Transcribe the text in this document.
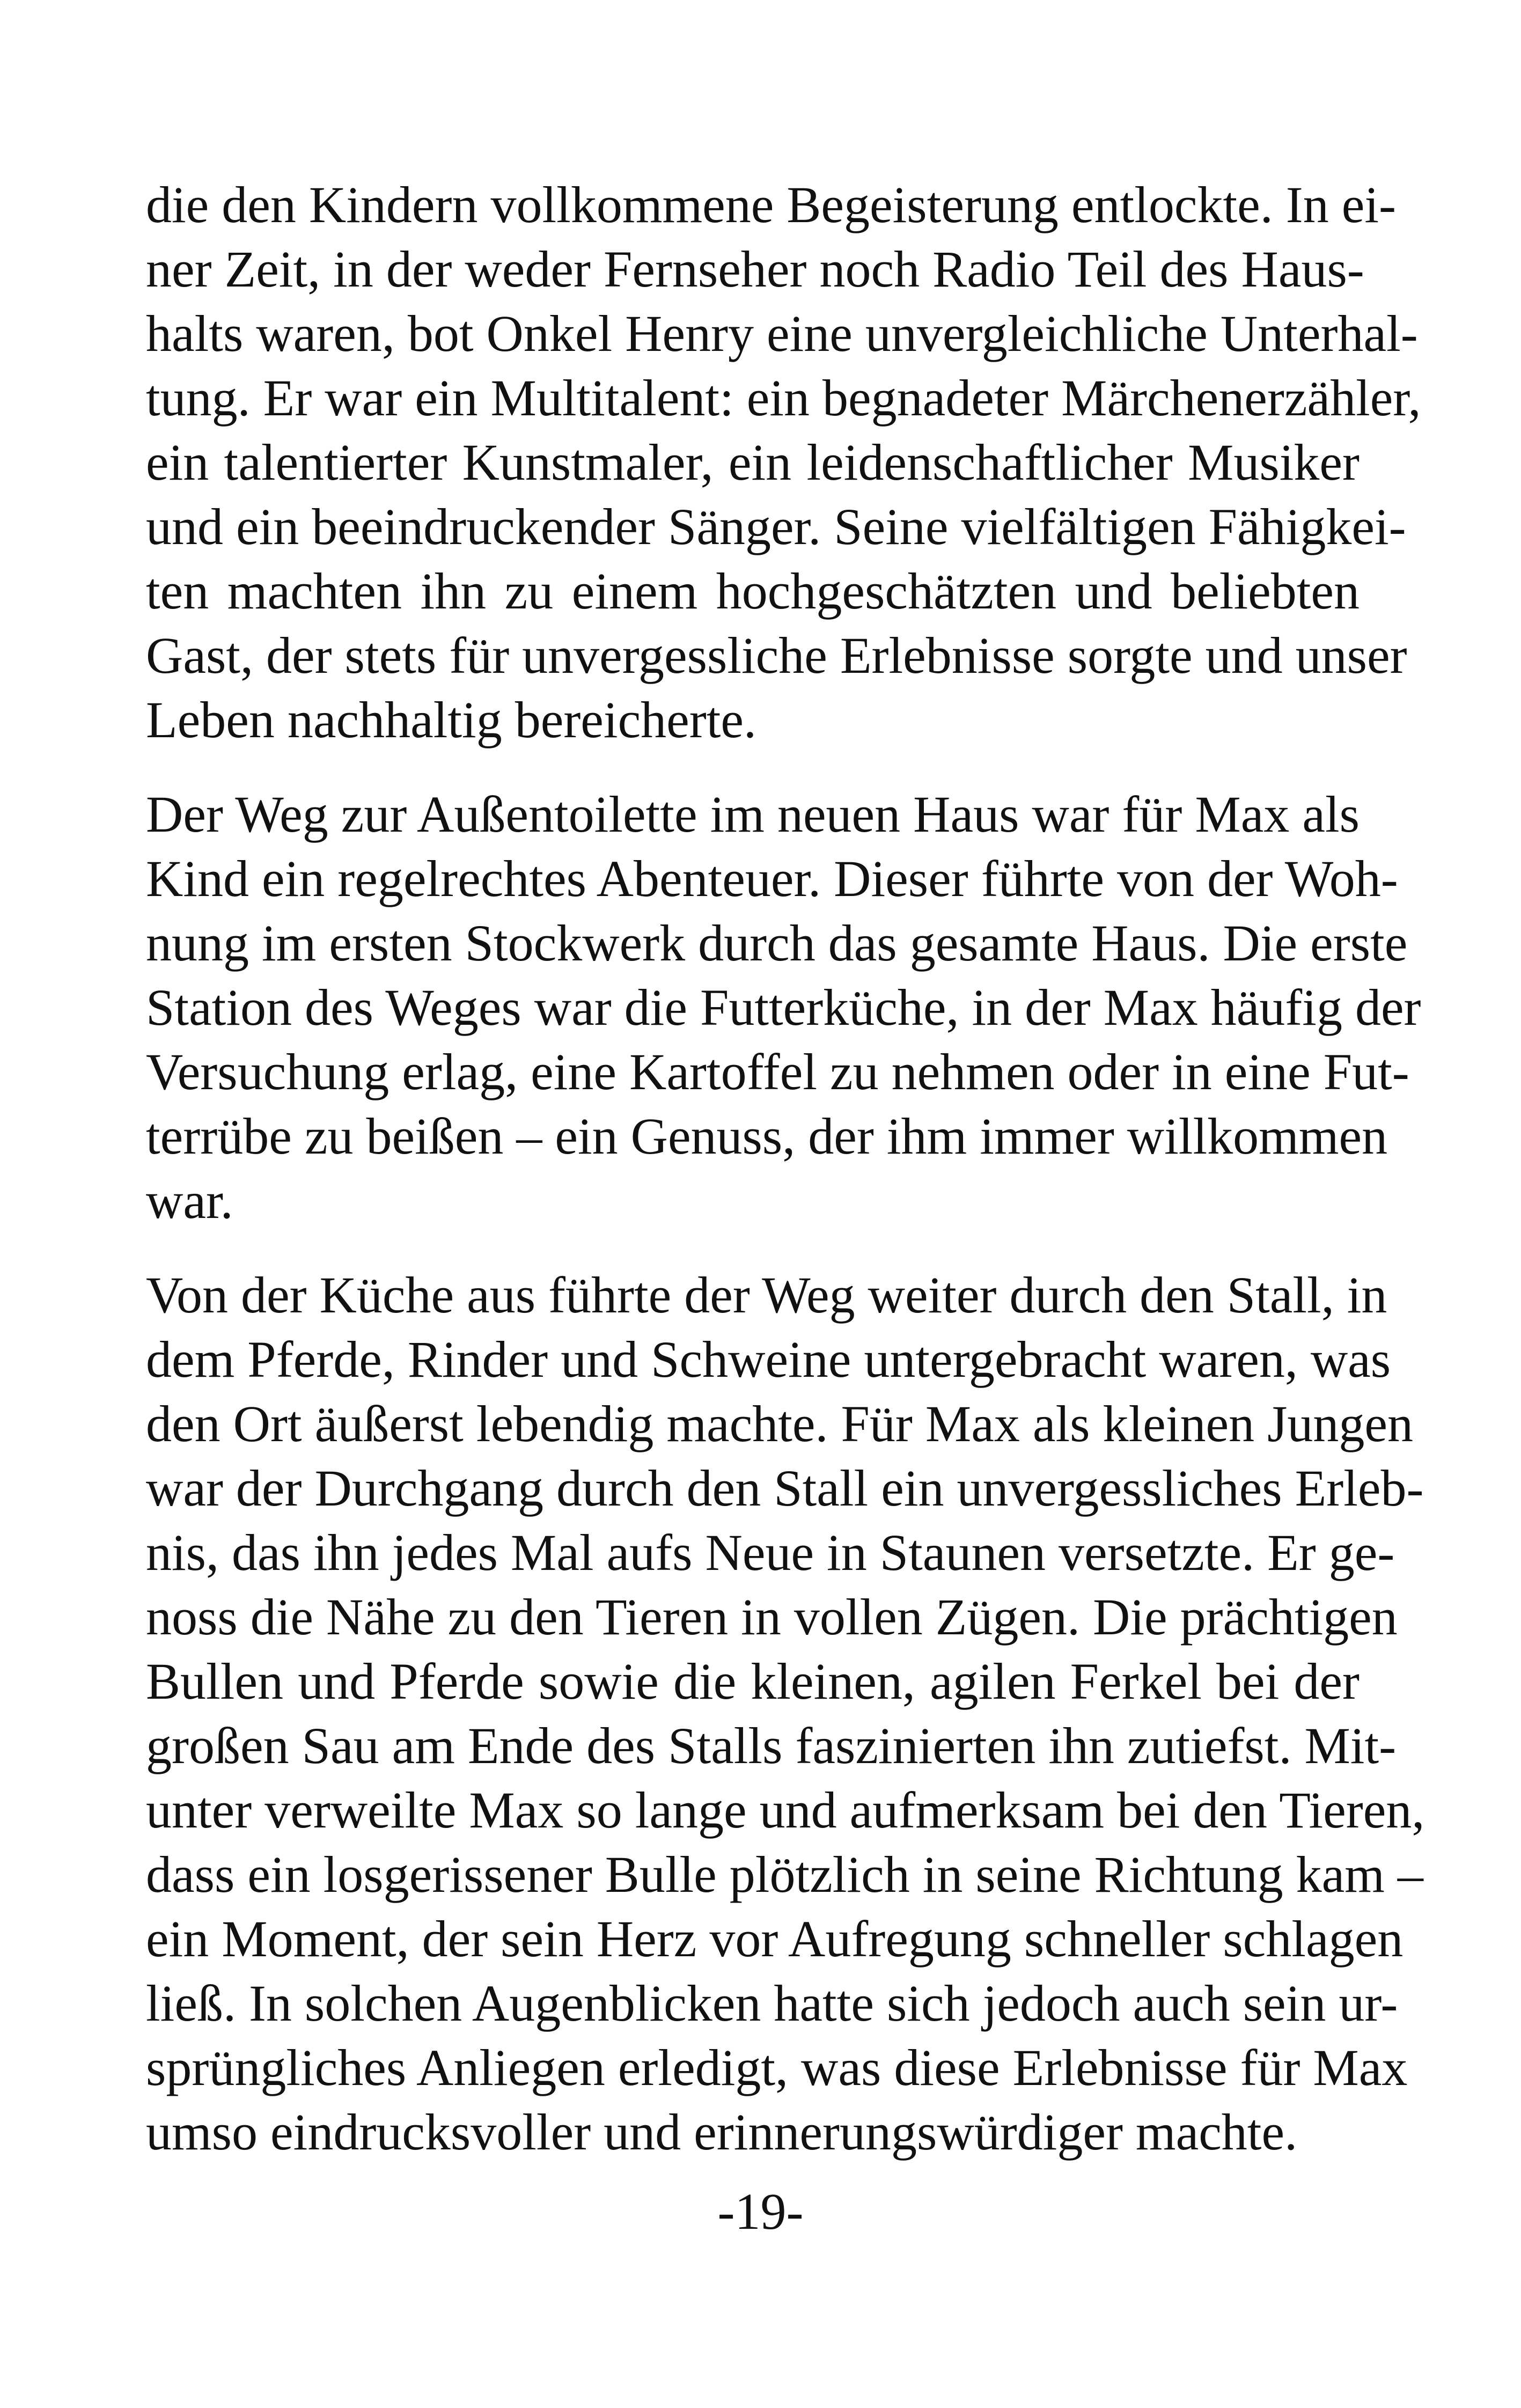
die den Kindern vollkommene Begeisterung entlockte. In ei-
ner Zeit, in der weder Fernseher noch Radio Teil des Haus-
halts waren, bot Onkel Henry eine unvergleichliche Unterhal-
tung. Er war ein Multitalent: ein begnadeter Märchenerzähler,
ein talentierter Kunstmaler, ein leidenschaftlicher Musiker
und ein beeindruckender Sänger. Seine vielfältigen Fähigkei-
ten machten ihn zu einem hochgeschätzten und beliebten
Gast, der stets für unvergessliche Erlebnisse sorgte und unser
Leben nachhaltig bereicherte.

Der Weg zur Außentoilette im neuen Haus war für Max als
Kind ein regelrechtes Abenteuer. Dieser führte von der Woh-
nung im ersten Stockwerk durch das gesamte Haus. Die erste
Station des Weges war die Futterküche, in der Max häufig der
Versuchung erlag, eine Kartoffel zu nehmen oder in eine Fut-
terrübe zu beißen – ein Genuss, der ihm immer willkommen
war.

Von der Küche aus führte der Weg weiter durch den Stall, in
dem Pferde, Rinder und Schweine untergebracht waren, was
den Ort äußerst lebendig machte. Für Max als kleinen Jungen
war der Durchgang durch den Stall ein unvergessliches Erleb-
nis, das ihn jedes Mal aufs Neue in Staunen versetzte. Er ge-
noss die Nähe zu den Tieren in vollen Zügen. Die prächtigen
Bullen und Pferde sowie die kleinen, agilen Ferkel bei der
großen Sau am Ende des Stalls faszinierten ihn zutiefst. Mit-
unter verweilte Max so lange und aufmerksam bei den Tieren,
dass ein losgerissener Bulle plötzlich in seine Richtung kam –
ein Moment, der sein Herz vor Aufregung schneller schlagen
ließ. In solchen Augenblicken hatte sich jedoch auch sein ur-
sprüngliches Anliegen erledigt, was diese Erlebnisse für Max
umso eindrucksvoller und erinnerungswürdiger machte.

-19-
